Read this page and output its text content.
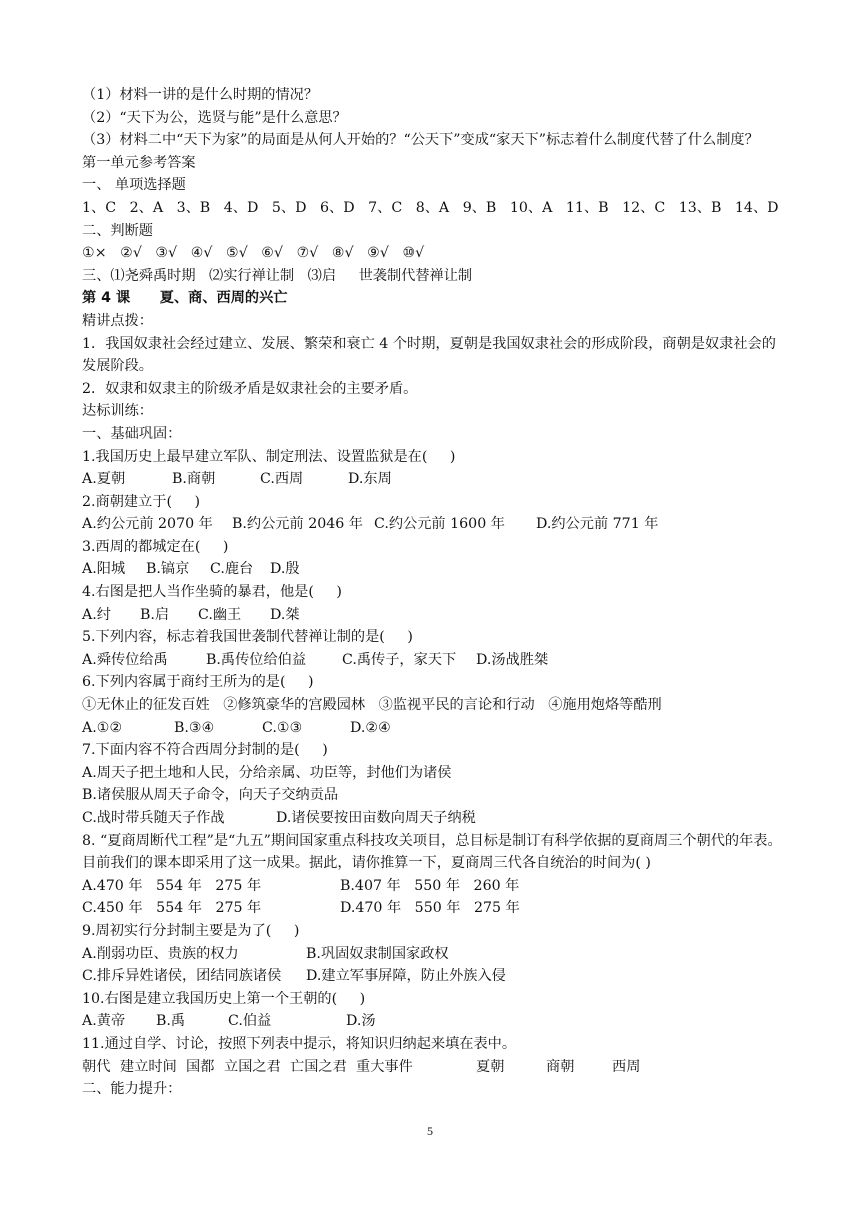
（1）材料一讲的是什么时期的情况？

（2）“天下为公，选贤与能”是什么意思？

（3）材料二中“天下为家”的局面是从何人开始的？“公天下”变成“家天下”标志着什么制度代替了什么制度？

第一单元参考答案

一、 单项选择题

1、C   2、A   3、B   4、D   5、D   6、D   7、C   8、A   9、B   10、A   11、B   12、C   13、B   14、D

二、判断题

①×   ②√   ③√   ④√   ⑤√   ⑥√   ⑦√   ⑧√   ⑨√   ⑩√

三、⑴尧舜禹时期   ⑵实行禅让制   ⑶启     世袭制代替禅让制

第 4 课      夏、商、西周的兴亡

精讲点拨：

1．我国奴隶社会经过建立、发展、繁荣和衰亡 4 个时期，夏朝是我国奴隶社会的形成阶段，商朝是奴隶社会的发展阶段。

2．奴隶和奴隶主的阶级矛盾是奴隶社会的主要矛盾。

达标训练：

一、基础巩固：

1.我国历史上最早建立军队、制定刑法、设置监狱是在(     )

A.夏朝	B.商朝	C.西周	D.东周

2.商朝建立于(     )

A.约公元前 2070 年	B.约公元前 2046 年 C.约公元前 1600 年	D.约公元前 771 年

3.西周的都城定在(     )

A.阳城	B.镐京	C.鹿台	D.殷

4.右图是把人当作坐骑的暴君，他是(     )

A.纣	B.启	C.幽王	D.桀

5.下列内容，标志着我国世袭制代替禅让制的是(     )

A.舜传位给禹	B.禹传位给伯益	C.禹传子，家天下	D.汤战胜桀

6.下列内容属于商纣王所为的是(     )

①无休止的征发百姓   ②修筑豪华的宫殿园林   ③监视平民的言论和行动   ④施用炮烙等酷刑

A.①②	B.③④	C.①③	D.②④

7.下面内容不符合西周分封制的是(     )

A.周天子把土地和人民，分给亲属、功臣等，封他们为诸侯

B.诸侯服从周天子命令，向天子交纳贡品

C.战时带兵随天子作战	D.诸侯要按田亩数向周天子纳税

8. “夏商周断代工程”是“九五”期间国家重点科技攻关项目，总目标是制订有科学依据的夏商周三个朝代的年表。目前我们的课本即采用了这一成果。据此，请你推算一下，夏商周三代各自统治的时间为( )

A.470 年   554 年   275 年	B.407 年   550 年   260 年
C.450 年   554 年   275 年	D.470 年   550 年   275 年

9.周初实行分封制主要是为了(     )

A.削弱功臣、贵族的权力	B.巩固奴隶制国家政权
C.排斥异姓诸侯，团结同族诸侯	D.建立军事屏障，防止外族入侵

10.右图是建立我国历史上第一个王朝的(     )

A.黄帝	B.禹	C.伯益	D.汤

11.通过自学、讨论，按照下列表中提示，将知识归纳起来填在表中。

朝代 建立时间 国都 立国之君 亡国之君 重大事件	夏朝	商朝	西周

二、能力提升：

5
